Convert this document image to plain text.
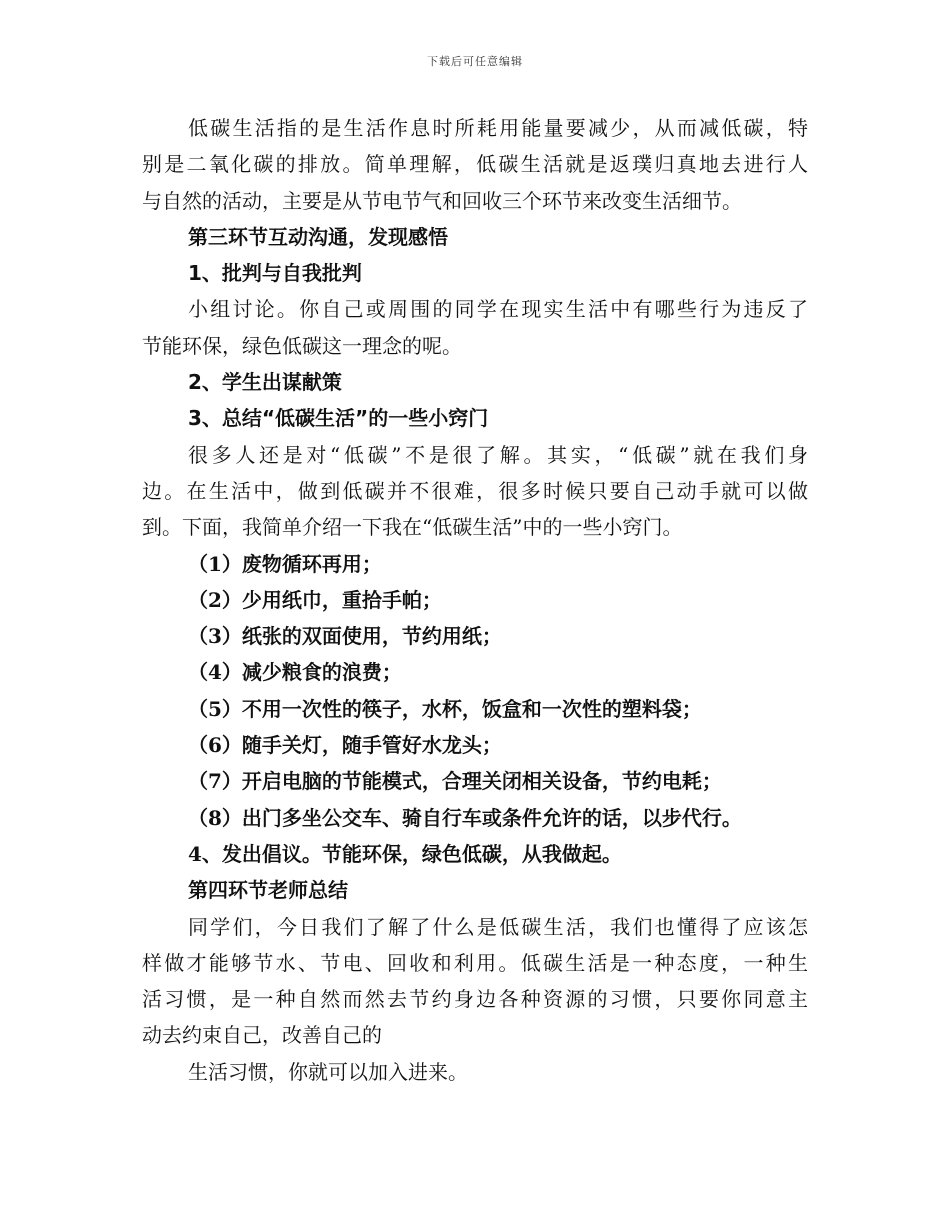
下载后可任意编辑
低碳生活指的是生活作息时所耗用能量要减少，从而减低碳，特
别是二氧化碳的排放。简单理解，低碳生活就是返璞归真地去进行人
与自然的活动，主要是从节电节气和回收三个环节来改变生活细节。
第三环节互动沟通，发现感悟
1、批判与自我批判
小组讨论。你自己或周围的同学在现实生活中有哪些行为违反了
节能环保，绿色低碳这一理念的呢。
2、学生出谋献策
3、总结“低碳生活”的一些小窍门
很多人还是对“低碳”不是很了解。其实，“低碳”就在我们身
边。在生活中，做到低碳并不很难，很多时候只要自己动手就可以做
到。下面，我简单介绍一下我在“低碳生活”中的一些小窍门。
（1）废物循环再用；
（2）少用纸巾，重拾手帕；
（3）纸张的双面使用，节约用纸；
（4）减少粮食的浪费；
（5）不用一次性的筷子，水杯，饭盒和一次性的塑料袋；
（6）随手关灯，随手管好水龙头；
（7）开启电脑的节能模式，合理关闭相关设备，节约电耗；
（8）出门多坐公交车、骑自行车或条件允许的话，以步代行。
4、发出倡议。节能环保，绿色低碳，从我做起。
第四环节老师总结
同学们，今日我们了解了什么是低碳生活，我们也懂得了应该怎
样做才能够节水、节电、回收和利用。低碳生活是一种态度，一种生
活习惯，是一种自然而然去节约身边各种资源的习惯，只要你同意主
动去约束自己，改善自己的
生活习惯，你就可以加入进来。
